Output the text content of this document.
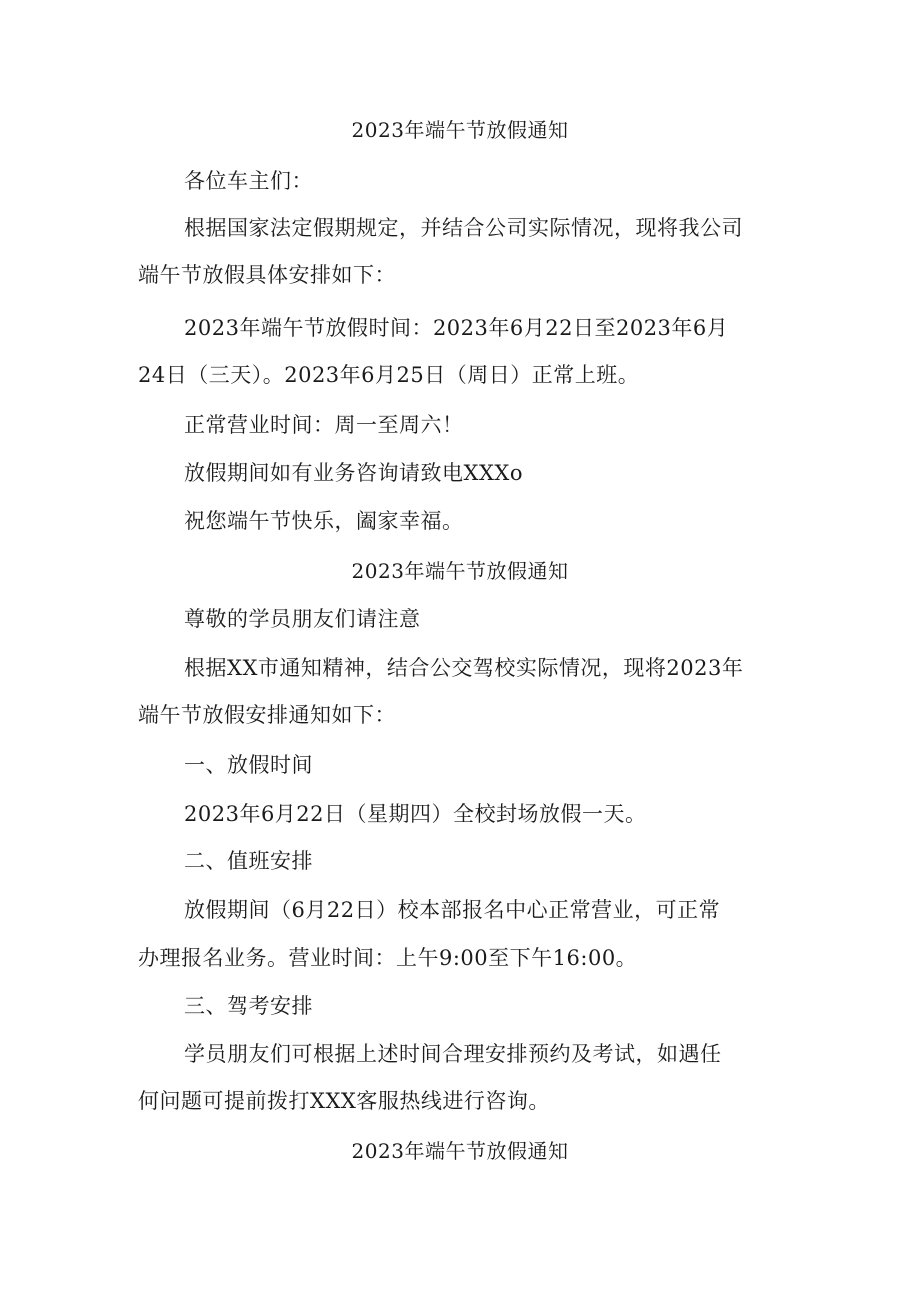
2023年端午节放假通知
各位车主们：
根据国家法定假期规定，并结合公司实际情况，现将我公司
端午节放假具体安排如下：
2023年端午节放假时间：2023年6月22日至2023年6月
24日（三天）。2023年6月25日（周日）正常上班。
正常营业时间：周一至周六！
放假期间如有业务咨询请致电XXXo
祝您端午节快乐，阖家幸福。
2023年端午节放假通知
尊敬的学员朋友们请注意
根据XX市通知精神，结合公交驾校实际情况，现将2023年
端午节放假安排通知如下：
一、放假时间
2023年6月22日（星期四）全校封场放假一天。
二、值班安排
放假期间（6月22日）校本部报名中心正常营业，可正常
办理报名业务。营业时间：上午9:00至下午16:00。
三、驾考安排
学员朋友们可根据上述时间合理安排预约及考试，如遇任
何问题可提前拨打XXX客服热线进行咨询。
2023年端午节放假通知
